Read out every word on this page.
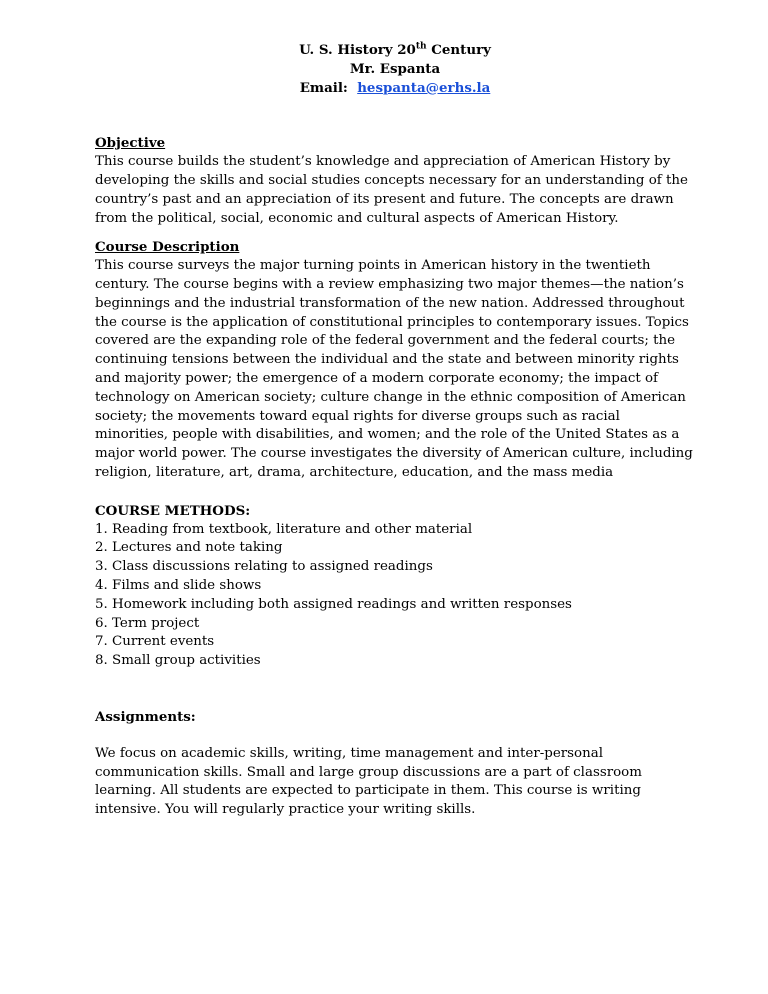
U. S. History 20th Century
Mr. Espanta
Email: hespanta@erhs.la
Objective

This course builds the student’s knowledge and appreciation of American History by developing the skills and social studies concepts necessary for an understanding of the country’s past and an appreciation of its present and future. The concepts are drawn from the political, social, economic and cultural aspects of American History.

Course Description

This course surveys the major turning points in American history in the twentieth century. The course begins with a review emphasizing two major themes—the nation’s beginnings and the industrial transformation of the new nation. Addressed throughout the course is the application of constitutional principles to contemporary issues. Topics covered are the expanding role of the federal government and the federal courts; the continuing tensions between the individual and the state and between minority rights and majority power; the emergence of a modern corporate economy; the impact of technology on American society; culture change in the ethnic composition of American society; the movements toward equal rights for diverse groups such as racial minorities, people with disabilities, and women; and the role of the United States as a major world power. The course investigates the diversity of American culture, including religion, literature, art, drama, architecture, education, and the mass media

COURSE METHODS:
1. Reading from textbook, literature and other material
2. Lectures and note taking
3. Class discussions relating to assigned readings
4. Films and slide shows
5. Homework including both assigned readings and written responses
6. Term project
7. Current events
8. Small group activities
Assignments:

We focus on academic skills, writing, time management and inter-personal communication skills. Small and large group discussions are a part of classroom learning. All students are expected to participate in them. This course is writing intensive. You will regularly practice your writing skills.
